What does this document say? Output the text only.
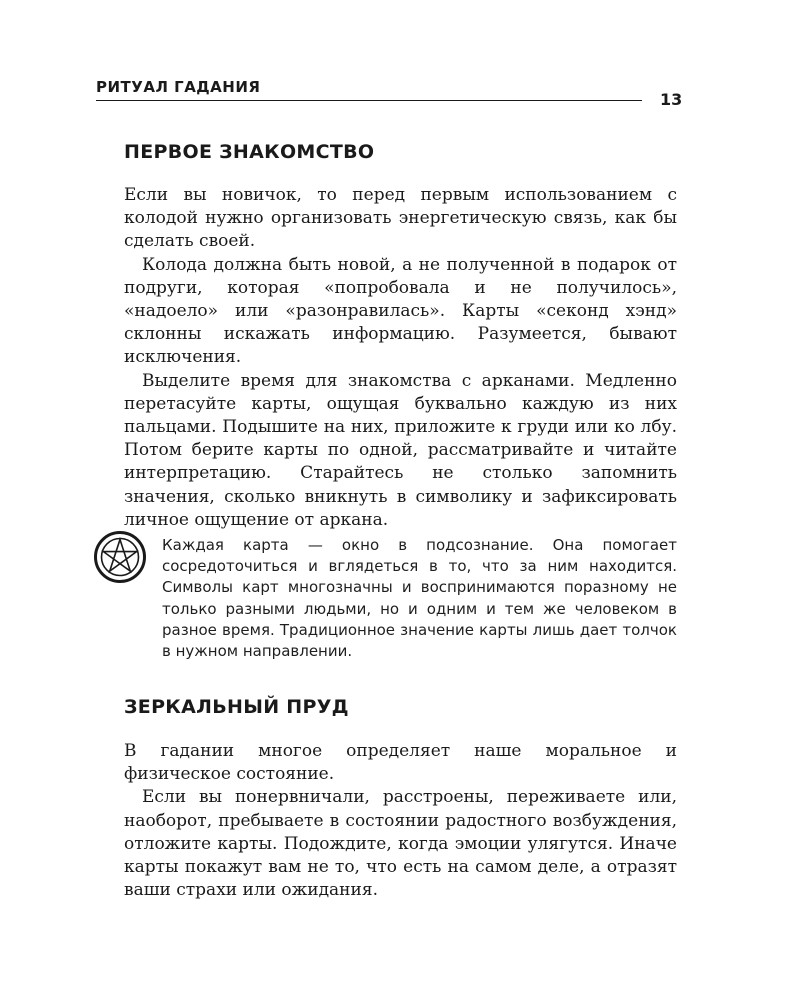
РИТУАЛ ГАДАНИЯ
13
ПЕРВОЕ ЗНАКОМСТВО

Если вы новичок, то перед первым использованием с колодой нужно организовать энергетическую связь, как бы сделать своей.

Колода должна быть новой, а не полученной в подарок от подруги, которая «попробовала и не получилось», «надоело» или «разонравилась». Карты «секонд хэнд» склонны искажать информацию. Разумеется, бывают исключения.

Выделите время для знакомства с арканами. Медленно перетасуйте карты, ощущая буквально каждую из них пальцами. Подышите на них, приложите к груди или ко лбу. Потом берите карты по одной, рассматривайте и читайте интерпретацию. Старайтесь не столько запомнить значения, сколько вникнуть в символику и зафиксировать личное ощущение от аркана.

Каждая карта — окно в подсознание. Она помогает сосредоточиться и вглядеться в то, что за ним находится. Символы карт многозначны и воспринимаются поразному не только разными людьми, но и одним и тем же человеком в разное время. Традиционное значение карты лишь дает толчок в нужном направлении.

ЗЕРКАЛЬНЫЙ ПРУД

В гадании многое определяет наше моральное и физическое состояние.

Если вы понервничали, расстроены, переживаете или, наоборот, пребываете в состоянии радостного возбуждения, отложите карты. Подождите, когда эмоции улягутся. Иначе карты покажут вам не то, что есть на самом деле, а отразят ваши страхи или ожидания.
